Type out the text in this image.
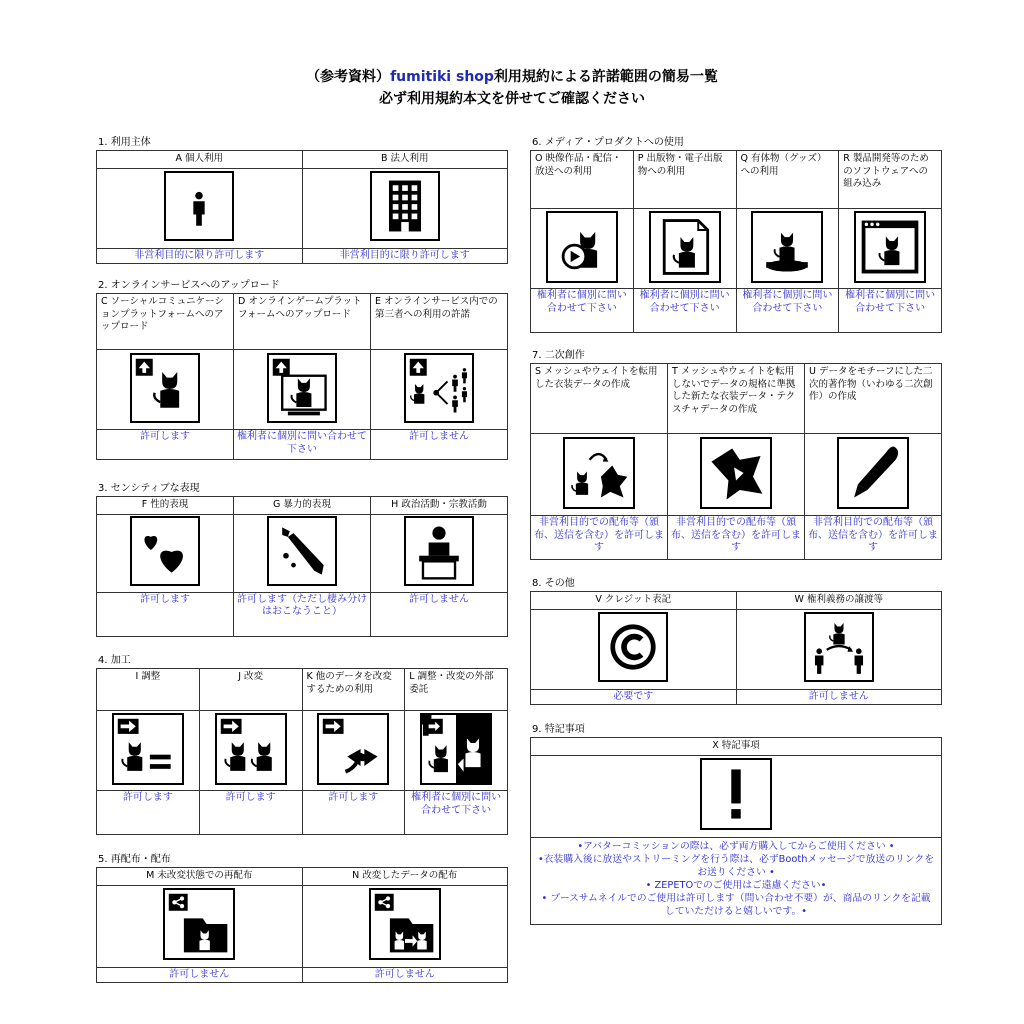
（参考資料）fumitiki shop利用規約による許諾範囲の簡易一覧
必ず利用規約本文を併せてご確認ください
1. 利用主体
A 個人利用	B 法人利用

非営利目的に限り許可します	非営利目的に限り許可します
2. オンラインサービスへのアップロード
C ソーシャルコミュニケーションプラットフォームへのアップロード	D オンラインゲームプラットフォームへのアップロード	E オンラインサービス内での第三者への利用の許諾

許可します	権利者に個別に問い合わせて下さい	許可しません
3. センシティブな表現
F 性的表現	G 暴力的表現	H 政治活動・宗教活動

許可します	許可します（ただし棲み分けはおこなうこと）	許可しません
4. 加工
I 調整	J 改変	K 他のデータを改変するための利用	L 調整・改変の外部委託

許可します	許可します	許可します	権利者に個別に問い合わせて下さい
5. 再配布・配布
M 未改変状態での再配布	N 改変したデータの配布

許可しません	許可しません
6. メディア・プロダクトへの使用
O 映像作品・配信・放送への利用	P 出版物・電子出版物への利用	Q 有体物（グッズ）への利用	R 製品開発等のためのソフトウェアへの組み込み

権利者に個別に問い合わせて下さい	権利者に個別に問い合わせて下さい	権利者に個別に問い合わせて下さい	権利者に個別に問い合わせて下さい
7. 二次創作
S メッシュやウェイトを転用した衣装データの作成	T メッシュやウェイトを転用しないでデータの規格に準拠した新たな衣装データ・テクスチャデータの作成	U データをモチーフにした二次的著作物（いわゆる二次創作）の作成

非営利目的での配布等（頒布、送信を含む）を許可します	非営利目的での配布等（頒布、送信を含む）を許可します	非営利目的での配布等（頒布、送信を含む）を許可します
8. その他
V クレジット表記	W 権利義務の譲渡等

必要です	許可しません
9. 特記事項
X 特記事項

•アバターコミッションの際は、必ず両方購入してからご使用ください •
•衣装購入後に放送やストリーミングを行う際は、必ずBoothメッセージで放送のリンクをお送りください •
• ZEPETOでのご使用はご遠慮ください•
• ブースサムネイルでのご使用は許可します（問い合わせ不要）が、商品のリンクを記載していただけると嬉しいです。•
